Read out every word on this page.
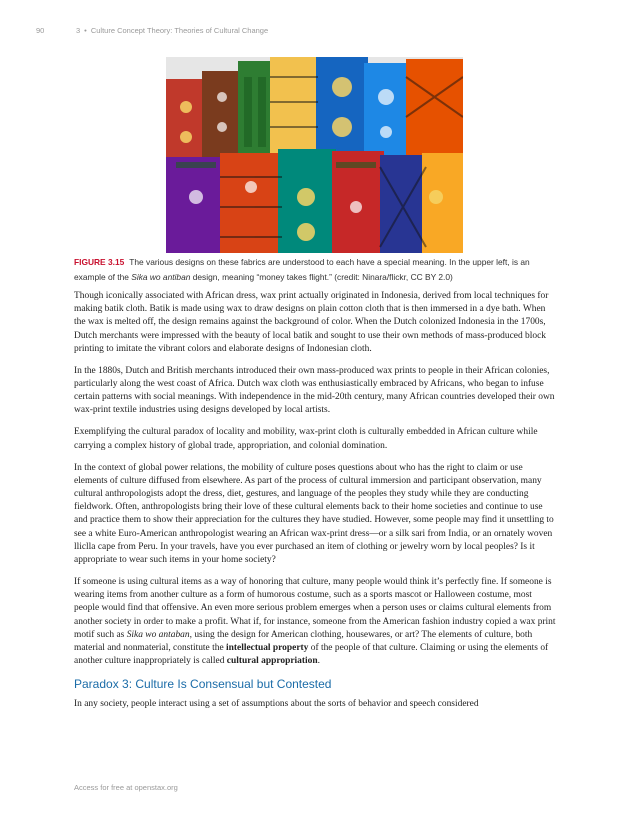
90	3 • Culture Concept Theory: Theories of Cultural Change
FIGURE 3.15 The various designs on these fabrics are understood to each have a special meaning. In the upper left, is an example of the Sika wo antiban design, meaning “money takes flight.” (credit: Ninara/flickr, CC BY 2.0)

Though iconically associated with African dress, wax print actually originated in Indonesia, derived from local techniques for making batik cloth. Batik is made using wax to draw designs on plain cotton cloth that is then immersed in a dye bath. When the wax is melted off, the design remains against the background of color. When the Dutch colonized Indonesia in the 1700s, Dutch merchants were impressed with the beauty of local batik and sought to use their own methods of mass-produced block printing to imitate the vibrant colors and elaborate designs of Indonesian cloth.

In the 1880s, Dutch and British merchants introduced their own mass-produced wax prints to people in their African colonies, particularly along the west coast of Africa. Dutch wax cloth was enthusiastically embraced by Africans, who began to infuse certain patterns with social meanings. With independence in the mid-20th century, many African countries developed their own wax-print textile industries using designs developed by local artists.

Exemplifying the cultural paradox of locality and mobility, wax-print cloth is culturally embedded in African culture while carrying a complex history of global trade, appropriation, and colonial domination.

In the context of global power relations, the mobility of culture poses questions about who has the right to claim or use elements of culture diffused from elsewhere. As part of the process of cultural immersion and participant observation, many cultural anthropologists adopt the dress, diet, gestures, and language of the peoples they study while they are conducting fieldwork. Often, anthropologists bring their love of these cultural elements back to their home societies and continue to use and practice them to show their appreciation for the cultures they have studied. However, some people may find it unsettling to see a white Euro-American anthropologist wearing an African wax-print dress—or a silk sari from India, or an ornately woven lliclla cape from Peru. In your travels, have you ever purchased an item of clothing or jewelry worn by local peoples? Is it appropriate to wear such items in your home society?

If someone is using cultural items as a way of honoring that culture, many people would think it’s perfectly fine. If someone is wearing items from another culture as a form of humorous costume, such as a sports mascot or Halloween costume, most people would find that offensive. An even more serious problem emerges when a person uses or claims cultural elements from another society in order to make a profit. What if, for instance, someone from the American fashion industry copied a wax print motif such as Sika wo antaban, using the design for American clothing, housewares, or art? The elements of culture, both material and nonmaterial, constitute the intellectual property of the people of that culture. Claiming or using the elements of another culture inappropriately is called cultural appropriation.

Paradox 3: Culture Is Consensual but Contested

In any society, people interact using a set of assumptions about the sorts of behavior and speech considered

Access for free at openstax.org
